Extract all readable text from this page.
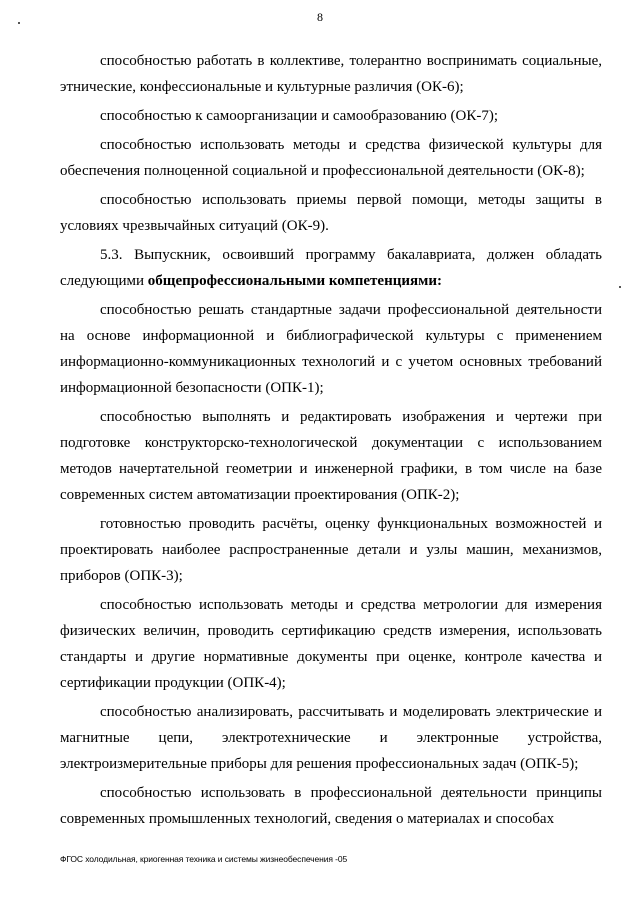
8

способностью работать в коллективе, толерантно воспринимать социальные, этнические, конфессиональные и культурные различия (ОК-6);

способностью к самоорганизации и самообразованию (ОК-7);

способностью использовать методы и средства физической культуры для обеспечения полноценной социальной и профессиональной деятельности (ОК-8);

способностью использовать приемы первой помощи, методы защиты в условиях чрезвычайных ситуаций (ОК-9).

5.3. Выпускник, освоивший программу бакалавриата, должен обладать следующими общепрофессиональными компетенциями:

способностью решать стандартные задачи профессиональной деятельности на основе информационной и библиографической культуры с применением информационно-коммуникационных технологий и с учетом основных требований информационной безопасности (ОПК-1);

способностью выполнять и редактировать изображения и чертежи при подготовке конструкторско-технологической документации с использованием методов начертательной геометрии и инженерной графики, в том числе на базе современных систем автоматизации проектирования (ОПК-2);

готовностью проводить расчёты, оценку функциональных возможностей и проектировать наиболее распространенные детали и узлы машин, механизмов, приборов (ОПК-3);

способностью использовать методы и средства метрологии для измерения физических величин, проводить сертификацию средств измерения, использовать стандарты и другие нормативные документы при оценке, контроле качества и сертификации продукции (ОПК-4);

способностью анализировать, рассчитывать и моделировать электрические и магнитные цепи, электротехнические и электронные устройства, электроизмерительные приборы для решения профессиональных задач (ОПК-5);

способностью использовать в профессиональной деятельности принципы современных промышленных технологий, сведения о материалах и способах

ФГОС холодильная, криогенная техника и системы жизнеобеспечения -05
